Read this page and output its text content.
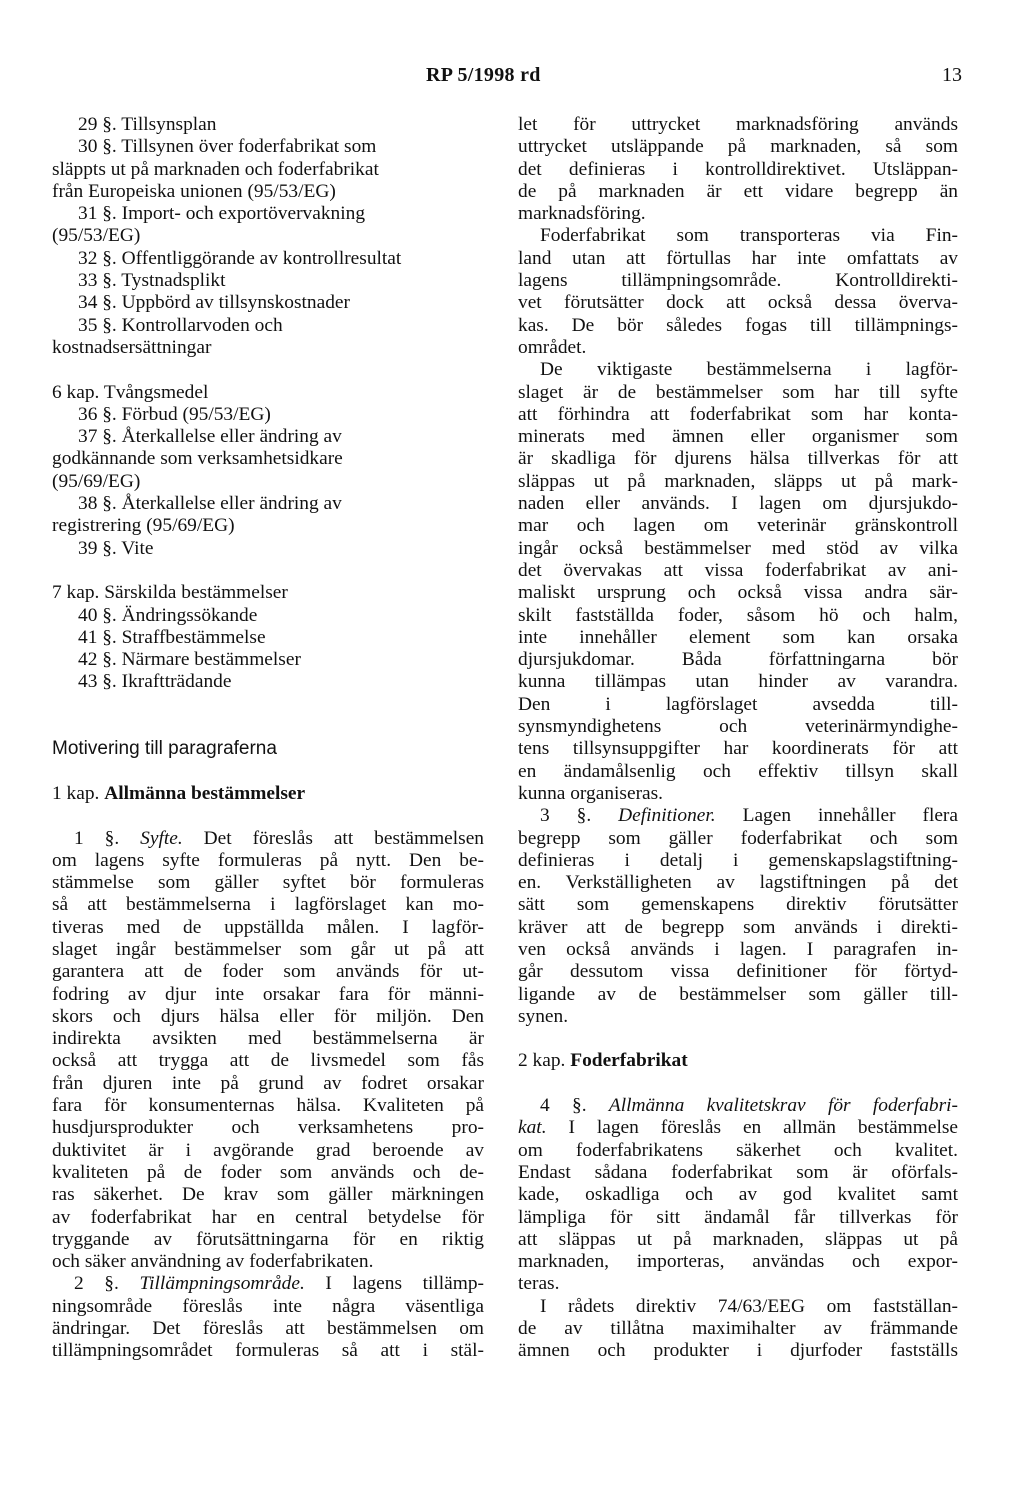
RP 5/1998 rd	13
29 §. Tillsynsplan
30 §. Tillsynen över foderfabrikat som
släppts ut på marknaden och foderfabrikat
från Europeiska unionen (95/53/EG)
31 §. Import- och exportövervakning
(95/53/EG)
32 §. Offentliggörande av kontrollresultat
33 §. Tystnadsplikt
34 §. Uppbörd av tillsynskostnader
35 §. Kontrollarvoden och
kostnadsersättningar
6 kap. Tvångsmedel
36 §. Förbud (95/53/EG)
37 §. Återkallelse eller ändring av
godkännande som verksamhetsidkare
(95/69/EG)
38 §. Återkallelse eller ändring av
registrering (95/69/EG)
39 §. Vite
7 kap. Särskilda bestämmelser
40 §. Ändringssökande
41 §. Straffbestämmelse
42 §. Närmare bestämmelser
43 §. Ikraftträdande
Motivering till paragraferna
1 kap. Allmänna bestämmelser
1 §. Syfte. Det föreslås att bestämmelsen
om lagens syfte formuleras på nytt. Den be-
stämmelse som gäller syftet bör formuleras
så att bestämmelserna i lagförslaget kan mo-
tiveras med de uppställda målen. I lagför-
slaget ingår bestämmelser som går ut på att
garantera att de foder som används för ut-
fodring av djur inte orsakar fara för männi-
skors och djurs hälsa eller för miljön. Den
indirekta avsikten med bestämmelserna är
också att trygga att de livsmedel som fås
från djuren inte på grund av fodret orsakar
fara för konsumenternas hälsa. Kvaliteten på
husdjursprodukter och verksamhetens pro-
duktivitet är i avgörande grad beroende av
kvaliteten på de foder som används och de-
ras säkerhet. De krav som gäller märkningen
av foderfabrikat har en central betydelse för
tryggande av förutsättningarna för en riktig
och säker användning av foderfabrikaten.
2 §. Tillämpningsområde. I lagens tillämp-
ningsområde föreslås inte några väsentliga
ändringar. Det föreslås att bestämmelsen om
tillämpningsområdet formuleras så att i stäl-
let för uttrycket marknadsföring används
uttrycket utsläppande på marknaden, så som
det definieras i kontrolldirektivet. Utsläppan-
de på marknaden är ett vidare begrepp än
marknadsföring.
Foderfabrikat som transporteras via Fin-
land utan att förtullas har inte omfattats av
lagens tillämpningsområde. Kontrolldirekti-
vet förutsätter dock att också dessa överva-
kas. De bör således fogas till tillämpnings-
området.
De viktigaste bestämmelserna i lagför-
slaget är de bestämmelser som har till syfte
att förhindra att foderfabrikat som har konta-
minerats med ämnen eller organismer som
är skadliga för djurens hälsa tillverkas för att
släppas ut på marknaden, släpps ut på mark-
naden eller används. I lagen om djursjukdo-
mar och lagen om veterinär gränskontroll
ingår också bestämmelser med stöd av vilka
det övervakas att vissa foderfabrikat av ani-
maliskt ursprung och också vissa andra sär-
skilt fastställda foder, såsom hö och halm,
inte innehåller element som kan orsaka
djursjukdomar. Båda författningarna bör
kunna tillämpas utan hinder av varandra.
Den i lagförslaget avsedda till-
synsmyndighetens och veterinärmyndighe-
tens tillsynsuppgifter har koordinerats för att
en ändamålsenlig och effektiv tillsyn skall
kunna organiseras.
3 §. Definitioner. Lagen innehåller flera
begrepp som gäller foderfabrikat och som
definieras i detalj i gemenskapslagstiftning-
en. Verkställigheten av lagstiftningen på det
sätt som gemenskapens direktiv förutsätter
kräver att de begrepp som används i direkti-
ven också används i lagen. I paragrafen in-
går dessutom vissa definitioner för förtyd-
ligande av de bestämmelser som gäller till-
synen.
2 kap. Foderfabrikat
4 §. Allmänna kvalitetskrav för foderfabri-
kat. I lagen föreslås en allmän bestämmelse
om foderfabrikatens säkerhet och kvalitet.
Endast sådana foderfabrikat som är oförfals-
kade, oskadliga och av god kvalitet samt
lämpliga för sitt ändamål får tillverkas för
att släppas ut på marknaden, släppas ut på
marknaden, importeras, användas och expor-
teras.
I rådets direktiv 74/63/EEG om fastställan-
de av tillåtna maximihalter av främmande
ämnen och produkter i djurfoder fastställs
